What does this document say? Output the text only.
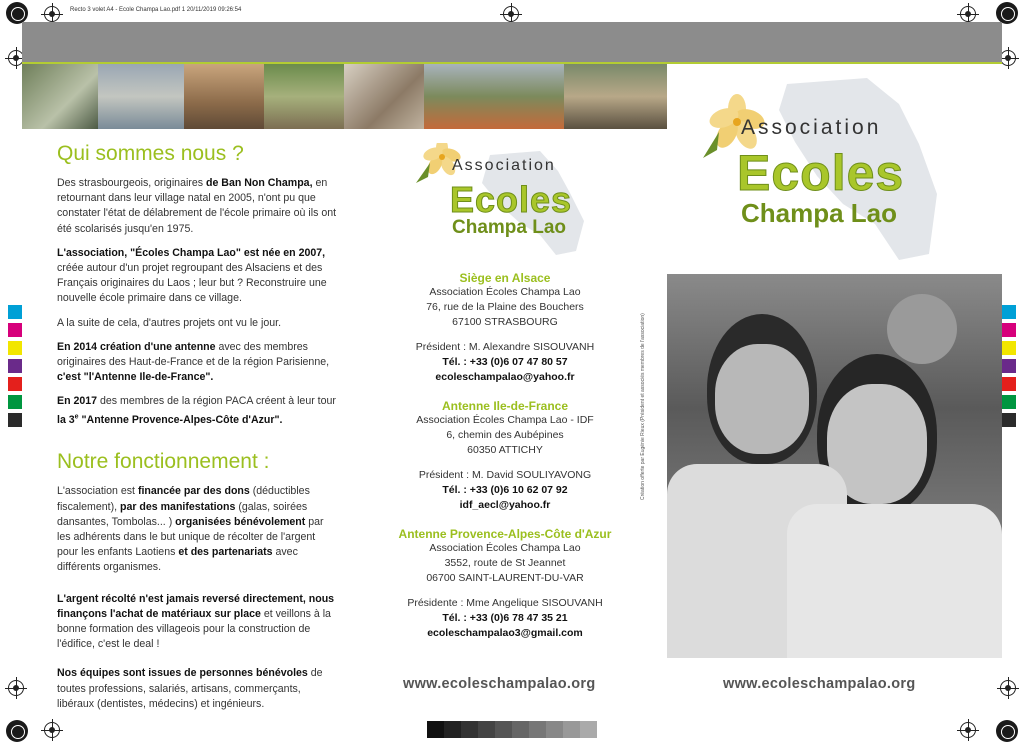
Recto 3 volet A4 - Ecole Champa Lao.pdf 1 20/11/2019 09:26:54
Qui sommes nous ?

Des strasbourgeois, originaires de Ban Non Champa, en retournant dans leur village natal en 2005, n'ont pu que constater l'état de délabrement de l'école primaire où ils ont été scolarisés jusqu'en 1975.

L'association, "Écoles Champa Lao" est née en 2007, créée autour d'un projet regroupant des Alsaciens et des Français originaires du Laos ; leur but ? Reconstruire une nouvelle école primaire dans ce village.

A la suite de cela, d'autres projets ont vu le jour.

En 2014 création d'une antenne avec des membres originaires des Haut-de-France et de la région Parisienne, c'est "l'Antenne Ile-de-France".

En 2017 des membres de la région PACA créent à leur tour la 3e "Antenne Provence-Alpes-Côte d'Azur".

Notre fonctionnement :

L'association est financée par des dons (déductibles fiscalement), par des manifestations (galas, soirées dansantes, Tombolas... ) organisées bénévolement par les adhérents dans le but unique de récolter de l'argent pour les enfants Laotiens et des partenariats avec différents organismes.

L'argent récolté n'est jamais reversé directement, nous finançons l'achat de matériaux sur place et veillons à la bonne formation des villageois pour la construction de l'édifice, c'est le deal !

Nos équipes sont issues de personnes bénévoles de toutes professions, salariés, artisans, commerçants, libéraux (dentistes, médecins) et ingénieurs.

Association
Ecoles
Champa Lao
Siège en Alsace
Association Écoles Champa Lao
76, rue de la Plaine des Bouchers
67100 STRASBOURG
Président : M. Alexandre SISOUVANH
Tél. : +33 (0)6 07 47 80 57
ecoleschampalao@yahoo.fr
Antenne Ile-de-France
Association Écoles Champa Lao - IDF
6, chemin des Aubépines
60350 ATTICHY
Président : M. David SOULIYAVONG
Tél. : +33 (0)6 10 62 07 92
idf_aecl@yahoo.fr
Antenne Provence-Alpes-Côte d'Azur
Association Écoles Champa Lao
3552, route de St Jeannet
06700 SAINT-LAURENT-DU-VAR
Présidente : Mme Angelique SISOUVANH
Tél. : +33 (0)6 78 47 35 21
ecoleschampalao3@gmail.com
www.ecoleschampalao.org
Association
Ecoles
Champa Lao
Création offerte par Eugénie Rieux (Président et associés membres de l'association)
www.ecoleschampalao.org
